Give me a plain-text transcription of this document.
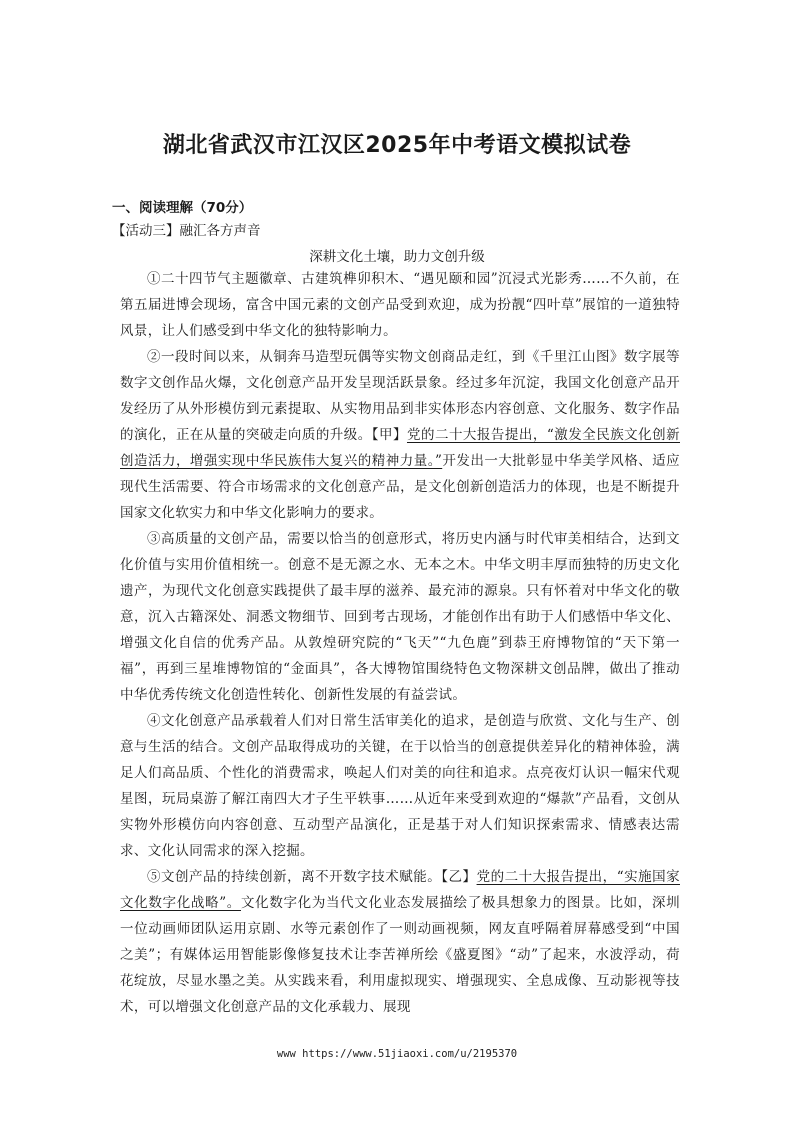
湖北省武汉市江汉区2025年中考语文模拟试卷
一、阅读理解（70分）
【活动三】融汇各方声音
深耕文化土壤，助力文创升级

①二十四节气主题徽章、古建筑榫卯积木、“遇见颐和园”沉浸式光影秀……不久前，在第五届进博会现场，富含中国元素的文创产品受到欢迎，成为扮靓“四叶草”展馆的一道独特风景，让人们感受到中华文化的独特影响力。

②一段时间以来，从铜奔马造型玩偶等实物文创商品走红，到《千里江山图》数字展等数字文创作品火爆，文化创意产品开发呈现活跃景象。经过多年沉淀，我国文化创意产品开发经历了从外形模仿到元素提取、从实物用品到非实体形态内容创意、文化服务、数字作品的演化，正在从量的突破走向质的升级。【甲】党的二十大报告提出，“激发全民族文化创新创造活力，增强实现中华民族伟大复兴的精神力量。”开发出一大批彰显中华美学风格、适应现代生活需要、符合市场需求的文化创意产品，是文化创新创造活力的体现，也是不断提升国家文化软实力和中华文化影响力的要求。

③高质量的文创产品，需要以恰当的创意形式，将历史内涵与时代审美相结合，达到文化价值与实用价值相统一。创意不是无源之水、无本之木。中华文明丰厚而独特的历史文化遗产，为现代文化创意实践提供了最丰厚的滋养、最充沛的源泉。只有怀着对中华文化的敬意，沉入古籍深处、洞悉文物细节、回到考古现场，才能创作出有助于人们感悟中华文化、增强文化自信的优秀产品。从敦煌研究院的“飞天”“九色鹿”到恭王府博物馆的“天下第一福”，再到三星堆博物馆的“金面具”，各大博物馆围绕特色文物深耕文创品牌，做出了推动中华优秀传统文化创造性转化、创新性发展的有益尝试。

④文化创意产品承载着人们对日常生活审美化的追求，是创造与欣赏、文化与生产、创意与生活的结合。文创产品取得成功的关键，在于以恰当的创意提供差异化的精神体验，满足人们高品质、个性化的消费需求，唤起人们对美的向往和追求。点亮夜灯认识一幅宋代观星图，玩局桌游了解江南四大才子生平轶事……从近年来受到欢迎的“爆款”产品看，文创从实物外形模仿向内容创意、互动型产品演化，正是基于对人们知识探索需求、情感表达需求、文化认同需求的深入挖掘。

⑤文创产品的持续创新，离不开数字技术赋能。【乙】党的二十大报告提出，“实施国家文化数字化战略”。文化数字化为当代文化业态发展描绘了极具想象力的图景。比如，深圳一位动画师团队运用京剧、水等元素创作了一则动画视频，网友直呼隔着屏幕感受到“中国之美”；有媒体运用智能影像修复技术让李苦禅所绘《盛夏图》“动”了起来，水波浮动，荷花绽放，尽显水墨之美。从实践来看，利用虚拟现实、增强现实、全息成像、互动影视等技术，可以增强文化创意产品的文化承载力、展现

www https://www.51jiaoxi.com/u/2195370
